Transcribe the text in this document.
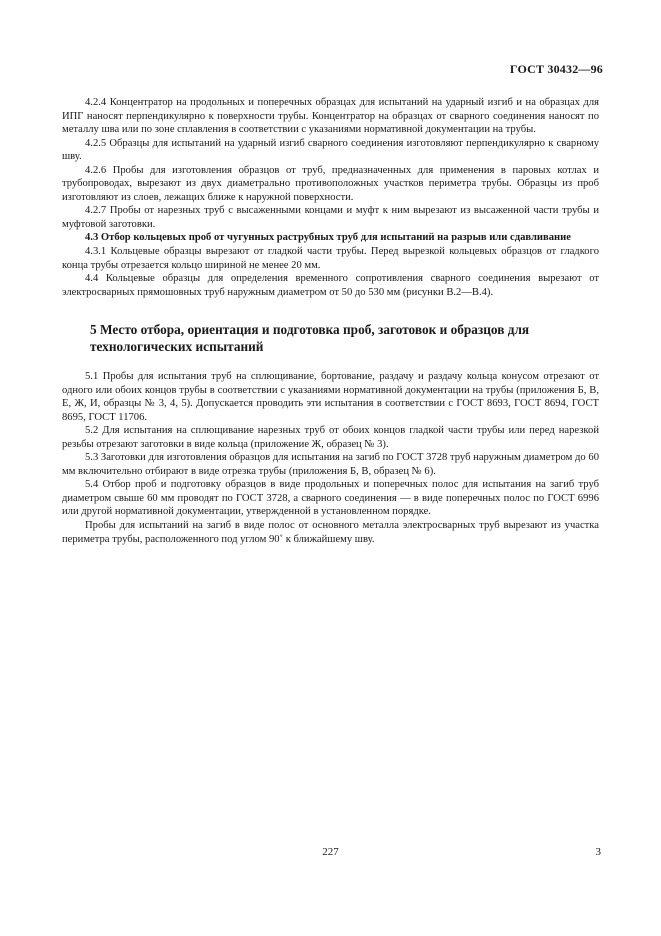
ГОСТ 30432—96

4.2.4 Концентратор на продольных и поперечных образцах для испытаний на ударный изгиб и на образцах для ИПГ наносят перпендикулярно к поверхности трубы. Концентратор на образцах от сварного соединения наносят по металлу шва или по зоне сплавления в соответствии с указаниями нормативной документации на трубы.

4.2.5 Образцы для испытаний на ударный изгиб сварного соединения изготовляют перпендикулярно к сварному шву.

4.2.6 Пробы для изготовления образцов от труб, предназначенных для применения в паровых котлах и трубопроводах, вырезают из двух диаметрально противоположных участков периметра трубы. Образцы из проб изготовляют из слоев, лежащих ближе к наружной поверхности.

4.2.7 Пробы от нарезных труб с высаженными концами и муфт к ним вырезают из высаженной части трубы и муфтовой заготовки.

4.3 Отбор кольцевых проб от чугунных раструбных труб для испытаний на разрыв или сдавливание

4.3.1 Кольцевые образцы вырезают от гладкой части трубы. Перед вырезкой кольцевых образцов от гладкого конца трубы отрезается кольцо шириной не менее 20 мм.

4.4 Кольцевые образцы для определения временного сопротивления сварного соединения вырезают от электросварных прямошовных труб наружным диаметром от 50 до 530 мм (рисунки В.2—В.4).

5 Место отбора, ориентация и подготовка проб, заготовок и образцов для технологических испытаний

5.1 Пробы для испытания труб на сплющивание, бортование, раздачу и раздачу кольца конусом отрезают от одного или обоих концов трубы в соответствии с указаниями нормативной документации на трубы (приложения Б, В, Е, Ж, И, образцы № 3, 4, 5). Допускается проводить эти испытания в соответствии с ГОСТ 8693, ГОСТ 8694, ГОСТ 8695, ГОСТ 11706.

5.2 Для испытания на сплющивание нарезных труб от обоих концов гладкой части трубы или перед нарезкой резьбы отрезают заготовки в виде кольца (приложение Ж, образец № 3).

5.3 Заготовки для изготовления образцов для испытания на загиб по ГОСТ 3728 труб наружным диаметром до 60 мм включительно отбирают в виде отрезка трубы (приложения Б, В, образец № 6).

5.4 Отбор проб и подготовку образцов в виде продольных и поперечных полос для испытания на загиб труб диаметром свыше 60 мм проводят по ГОСТ 3728, а сварного соединения — в виде поперечных полос по ГОСТ 6996 или другой нормативной документации, утвержденной в установленном порядке.

Пробы для испытаний на загиб в виде полос от основного металла электросварных труб вырезают из участка периметра трубы, расположенного под углом 90˚ к ближайшему шву.

227	3
